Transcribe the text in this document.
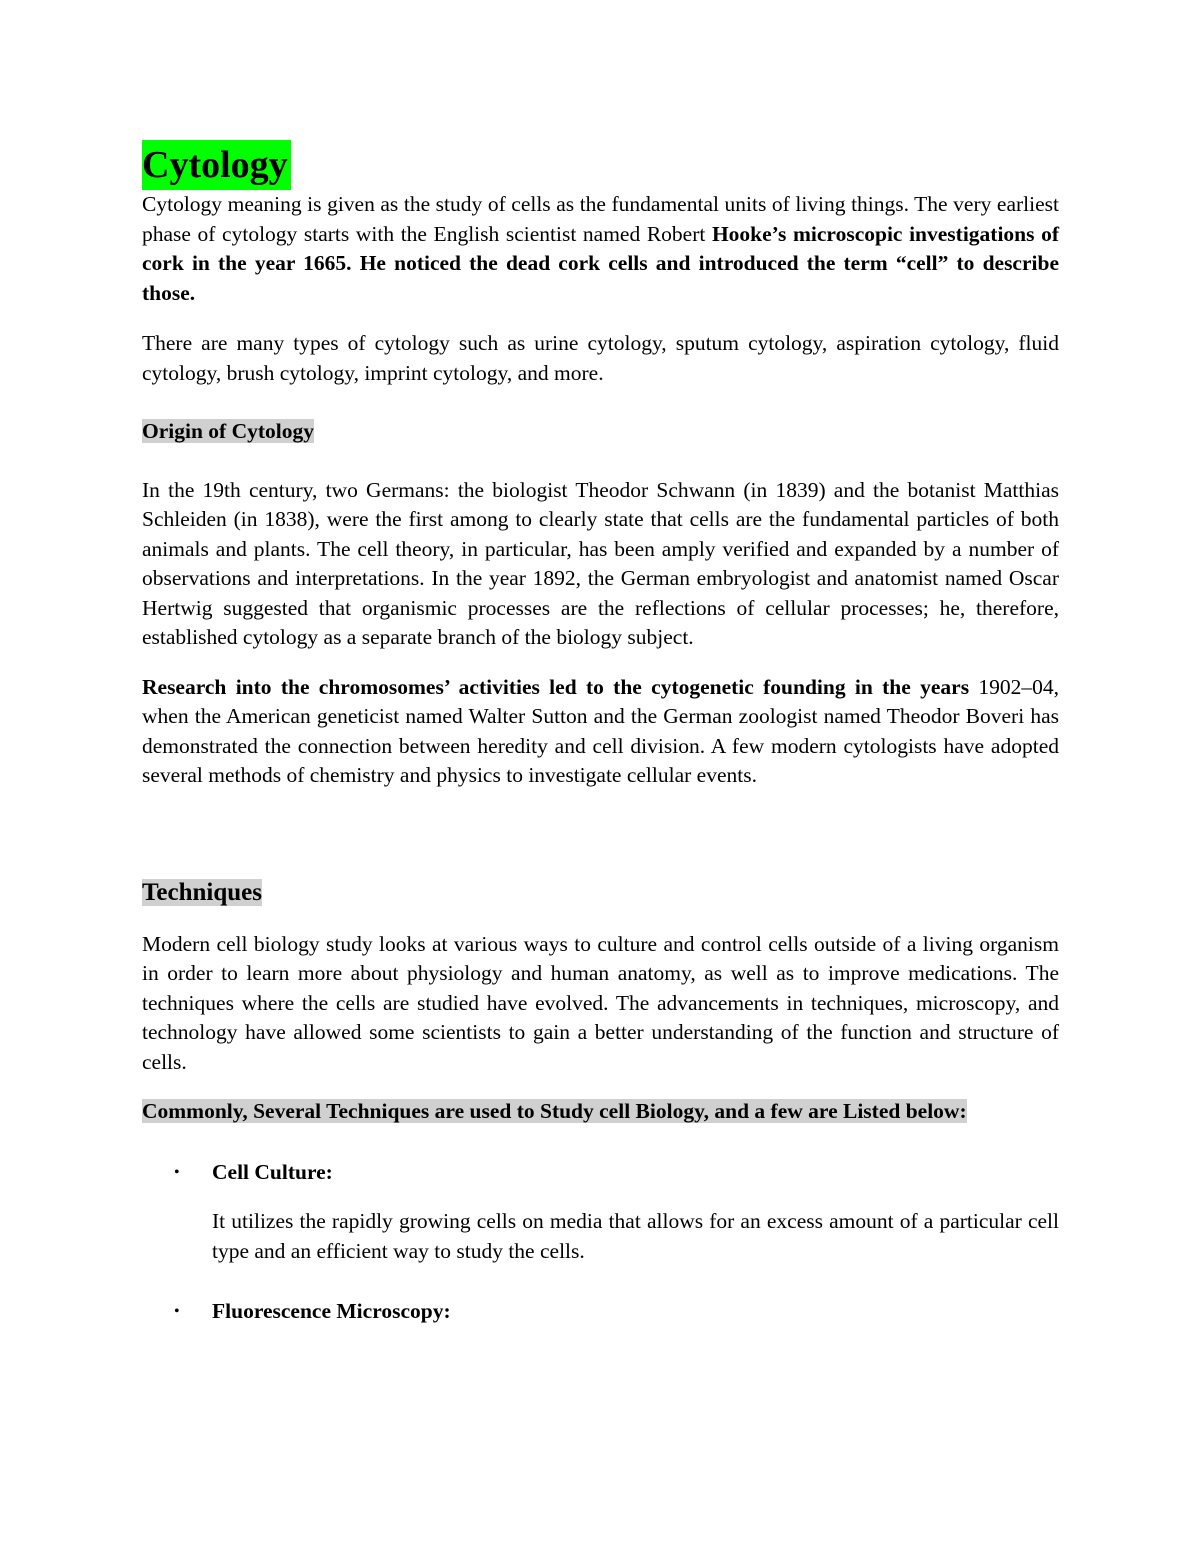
Cytology

Cytology meaning is given as the study of cells as the fundamental units of living things. The very earliest phase of cytology starts with the English scientist named Robert Hooke’s microscopic investigations of cork in the year 1665. He noticed the dead cork cells and introduced the term “cell” to describe those.

There are many types of cytology such as urine cytology, sputum cytology, aspiration cytology, fluid cytology, brush cytology, imprint cytology, and more.

Origin of Cytology

In the 19th century, two Germans: the biologist Theodor Schwann (in 1839) and the botanist Matthias Schleiden (in 1838), were the first among to clearly state that cells are the fundamental particles of both animals and plants. The cell theory, in particular, has been amply verified and expanded by a number of observations and interpretations. In the year 1892, the German embryologist and anatomist named Oscar Hertwig suggested that organismic processes are the reflections of cellular processes; he, therefore, established cytology as a separate branch of the biology subject.

Research into the chromosomes’ activities led to the cytogenetic founding in the years 1902–04, when the American geneticist named Walter Sutton and the German zoologist named Theodor Boveri has demonstrated the connection between heredity and cell division. A few modern cytologists have adopted several methods of chemistry and physics to investigate cellular events.

Techniques

Modern cell biology study looks at various ways to culture and control cells outside of a living organism in order to learn more about physiology and human anatomy, as well as to improve medications. The techniques where the cells are studied have evolved. The advancements in techniques, microscopy, and technology have allowed some scientists to gain a better understanding of the function and structure of cells.

Commonly, Several Techniques are used to Study cell Biology, and a few are Listed below:

• Cell Culture:

It utilizes the rapidly growing cells on media that allows for an excess amount of a particular cell type and an efficient way to study the cells.

• Fluorescence Microscopy:
